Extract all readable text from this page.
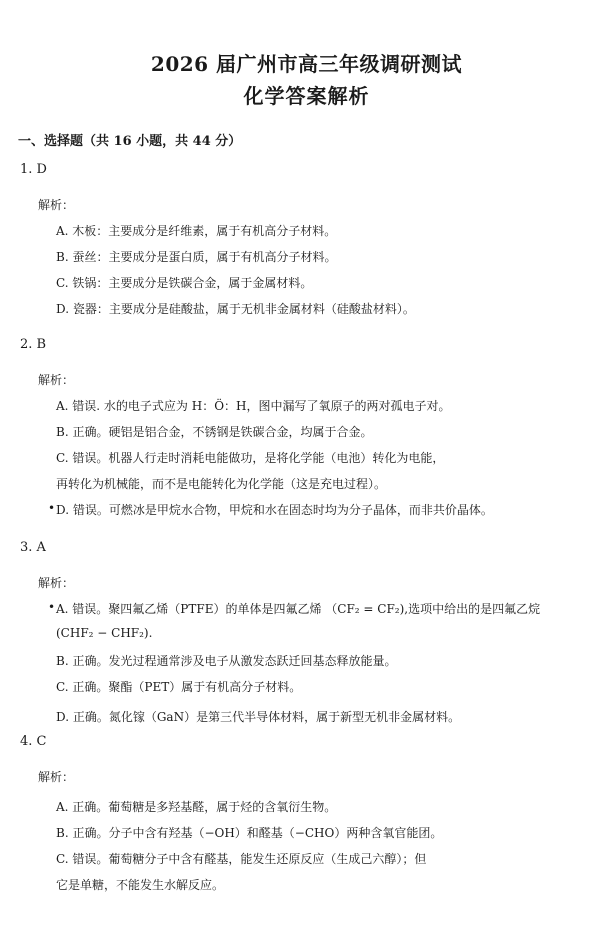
2026 届广州市高三年级调研测试
化学答案解析
一、选择题（共 16 小题，共 44 分）
1. D
解析：
A. 木板：主要成分是纤维素，属于有机高分子材料。
B. 蚕丝：主要成分是蛋白质，属于有机高分子材料。
C. 铁锅：主要成分是铁碳合金，属于金属材料。
D. 瓷器：主要成分是硅酸盐，属于无机非金属材料（硅酸盐材料）。
2. B
解析：
A. 错误. 水的电子式应为 H：Ö：H，图中漏写了氧原子的两对孤电子对。
B. 正确。硬铝是铝合金，不锈钢是铁碳合金，均属于合金。
C. 错误。机器人行走时消耗电能做功，是将化学能（电池）转化为电能，
再转化为机械能，而不是电能转化为化学能（这是充电过程）。
• D. 错误。可燃冰是甲烷水合物，甲烷和水在固态时均为分子晶体，而非共价晶体。
3. A
解析：
• A. 错误。聚四氟乙烯（PTFE）的单体是四氟乙烯 （CF₂ = CF₂),选项中给出的是四氟乙烷
(CHF₂ − CHF₂).
B. 正确。发光过程通常涉及电子从激发态跃迁回基态释放能量。
C. 正确。聚酯（PET）属于有机高分子材料。
D. 正确。氮化镓（GaN）是第三代半导体材料，属于新型无机非金属材料。
4. C
解析：
A. 正确。葡萄糖是多羟基醛，属于烃的含氧衍生物。
B. 正确。分子中含有羟基（−OH）和醛基（−CHO）两种含氧官能团。
C. 错误。葡萄糖分子中含有醛基，能发生还原反应（生成己六醇）；但
它是单糖，不能发生水解反应。
